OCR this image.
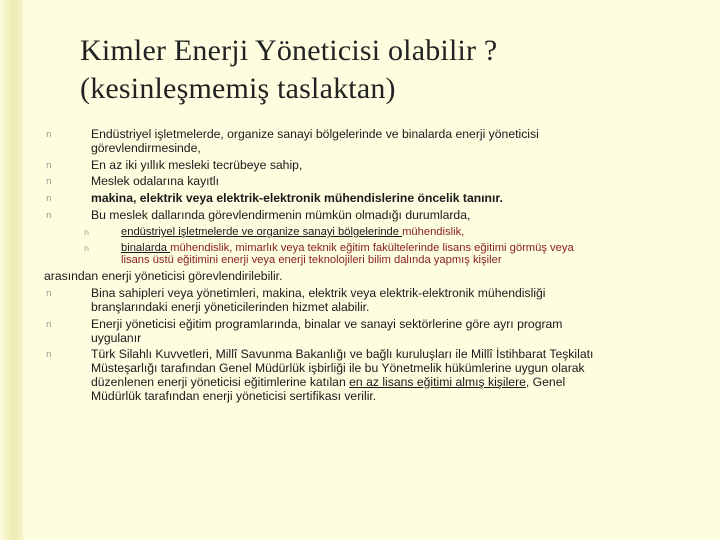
Kimler Enerji Yöneticisi olabilir ?
(kesinleşmemiş taslaktan)
n	Endüstriyel işletmelerde, organize sanayi bölgelerinde ve binalarda enerji yöneticisi
görevlendirmesinde,
n	En az iki yıllık mesleki tecrübeye sahip,
n	Meslek odalarına kayıtlı
n	makina, elektrik veya elektrik-elektronik mühendislerine öncelik tanınır.
n	Bu meslek dallarında görevlendirmenin mümkün olmadığı durumlarda,
n	endüstriyel işletmelerde ve organize sanayi bölgelerinde mühendislik,
n	binalarda mühendislik, mimarlık veya teknik eğitim fakültelerinde lisans eğitimi görmüş veya
lisans üstü eğitimini enerji veya enerji teknolojileri bilim dalında yapmış kişiler
arasından enerji yöneticisi görevlendirilebilir.
n	Bina sahipleri veya yönetimleri, makina, elektrik veya elektrik-elektronik mühendisliği
branşlarındaki enerji yöneticilerinden hizmet alabilir.
n	Enerji yöneticisi eğitim programlarında, binalar ve sanayi sektörlerine göre ayrı program
uygulanır
n	Türk Silahlı Kuvvetleri, Millî Savunma Bakanlığı ve bağlı kuruluşları ile Millî İstihbarat Teşkilatı
Müsteşarlığı tarafından Genel Müdürlük işbirliği ile bu Yönetmelik hükümlerine uygun olarak
düzenlenen enerji yöneticisi eğitimlerine katılan en az lisans eğitimi almış kişilere, Genel
Müdürlük tarafından enerji yöneticisi sertifikası verilir.
